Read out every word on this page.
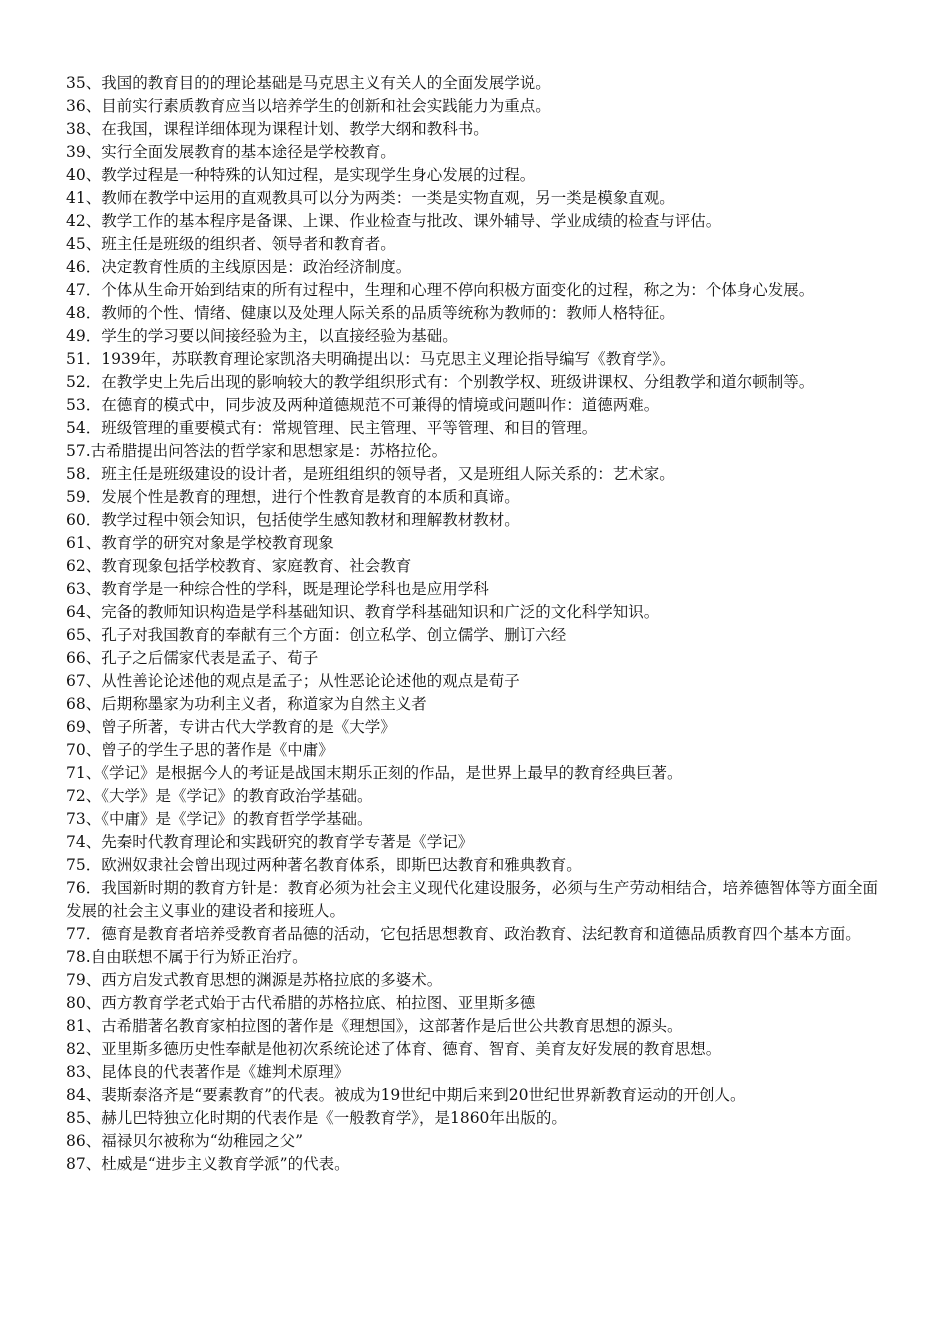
35、我国的教育目的的理论基础是马克思主义有关人的全面发展学说。
36、目前实行素质教育应当以培养学生的创新和社会实践能力为重点。
38、在我国，课程详细体现为课程计划、教学大纲和教科书。
39、实行全面发展教育的基本途径是学校教育。
40、教学过程是一种特殊的认知过程，是实现学生身心发展的过程。
41、教师在教学中运用的直观教具可以分为两类：一类是实物直观，另一类是模象直观。
42、教学工作的基本程序是备课、上课、作业检查与批改、课外辅导、学业成绩的检查与评估。
45、班主任是班级的组织者、领导者和教育者。
46．决定教育性质的主线原因是：政治经济制度。
47．个体从生命开始到结束的所有过程中，生理和心理不停向积极方面变化的过程，称之为：个体身心发展。
48．教师的个性、情绪、健康以及处理人际关系的品质等统称为教师的：教师人格特征。
49．学生的学习要以间接经验为主，以直接经验为基础。
51．1939年，苏联教育理论家凯洛夫明确提出以：马克思主义理论指导编写《教育学》。
52．在教学史上先后出现的影响较大的教学组织形式有：个别教学权、班级讲课权、分组教学和道尔顿制等。
53．在德育的模式中，同步波及两种道德规范不可兼得的情境或问题叫作：道德两难。
54．班级管理的重要模式有：常规管理、民主管理、平等管理、和目的管理。
57.古希腊提出问答法的哲学家和思想家是：苏格拉伦。
58．班主任是班级建设的设计者，是班组组织的领导者，又是班组人际关系的：艺术家。
59．发展个性是教育的理想，进行个性教育是教育的本质和真谛。
60．教学过程中领会知识，包括使学生感知教材和理解教材教材。
61、教育学的研究对象是学校教育现象
62、教育现象包括学校教育、家庭教育、社会教育
63、教育学是一种综合性的学科，既是理论学科也是应用学科
64、完备的教师知识构造是学科基础知识、教育学科基础知识和广泛的文化科学知识。
65、孔子对我国教育的奉献有三个方面：创立私学、创立儒学、删订六经
66、孔子之后儒家代表是孟子、荀子
67、从性善论论述他的观点是孟子；从性恶论论述他的观点是荀子
68、后期称墨家为功利主义者，称道家为自然主义者
69、曾子所著，专讲古代大学教育的是《大学》
70、曾子的学生子思的著作是《中庸》
71、《学记》是根据今人的考证是战国末期乐正刻的作品，是世界上最早的教育经典巨著。
72、《大学》是《学记》的教育政治学基础。
73、《中庸》是《学记》的教育哲学学基础。
74、先秦时代教育理论和实践研究的教育学专著是《学记》
75．欧洲奴隶社会曾出现过两种著名教育体系，即斯巴达教育和雅典教育。
76．我国新时期的教育方针是：教育必须为社会主义现代化建设服务，必须与生产劳动相结合，培养德智体等方面全面发展的社会主义事业的建设者和接班人。
77．德育是教育者培养受教育者品德的活动，它包括思想教育、政治教育、法纪教育和道德品质教育四个基本方面。
78.自由联想不属于行为矫正治疗。
79、西方启发式教育思想的渊源是苏格拉底的多婆术。
80、西方教育学老式始于古代希腊的苏格拉底、柏拉图、亚里斯多德
81、古希腊著名教育家柏拉图的著作是《理想国》，这部著作是后世公共教育思想的源头。
82、亚里斯多德历史性奉献是他初次系统论述了体育、德育、智育、美育友好发展的教育思想。
83、昆体良的代表著作是《雄判术原理》
84、裴斯泰洛齐是“要素教育”的代表。被成为19世纪中期后来到20世纪世界新教育运动的开创人。
85、赫儿巴特独立化时期的代表作是《一般教育学》，是1860年出版的。
86、福禄贝尔被称为“幼稚园之父”
87、杜威是“进步主义教育学派”的代表。
